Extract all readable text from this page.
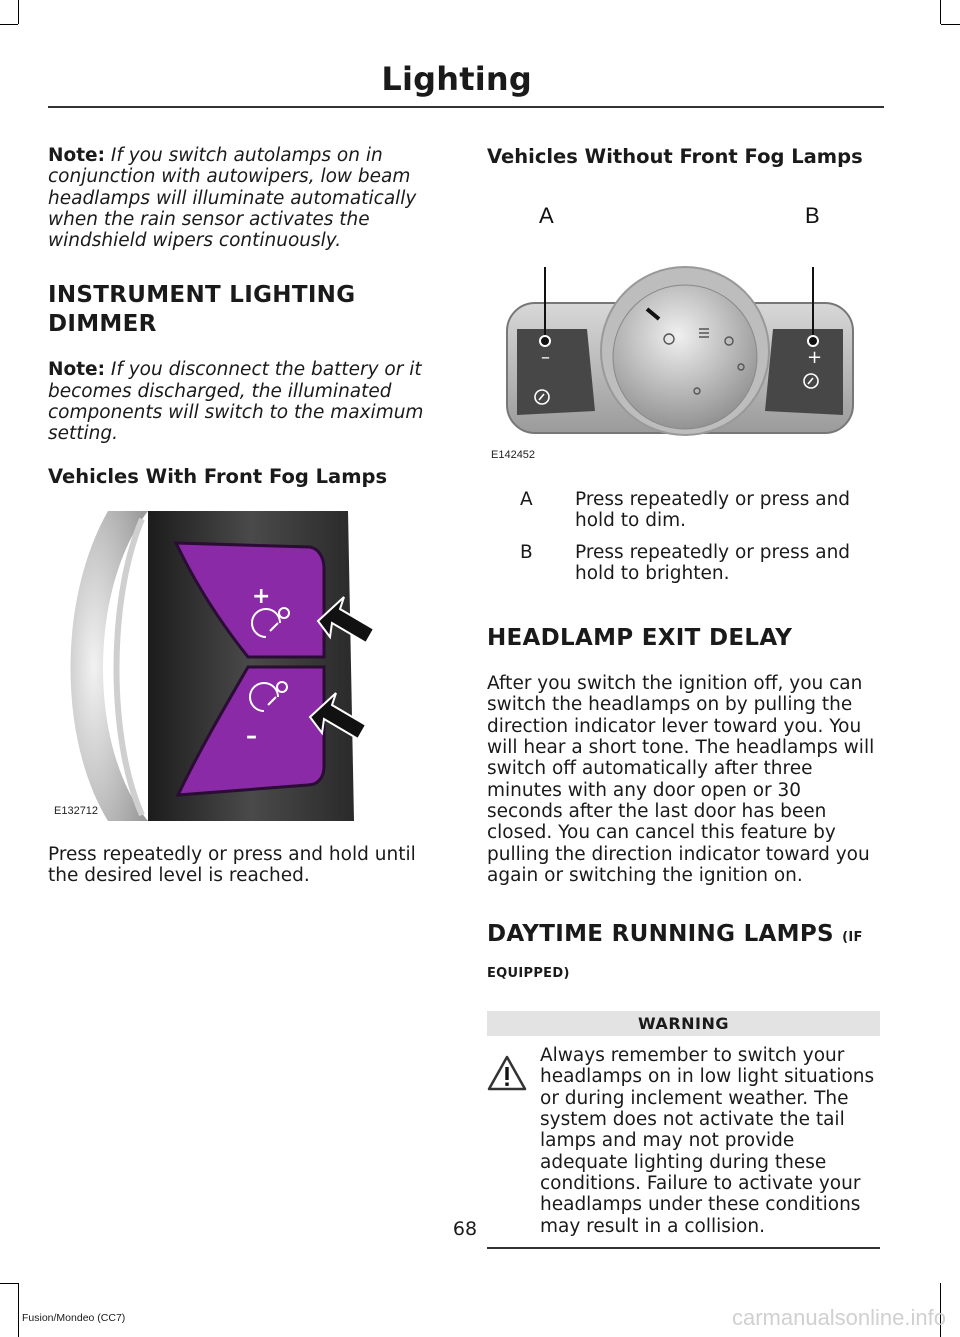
Lighting

Note: If you switch autolamps on in conjunction with autowipers, low beam headlamps will illuminate automatically when the rain sensor activates the windshield wipers continuously.

INSTRUMENT LIGHTING
DIMMER

Note: If you disconnect the battery or it becomes discharged, the illuminated components will switch to the maximum setting.

Vehicles With Front Fog Lamps
+
–
E132712

Press repeatedly or press and hold until the desired level is reached.

Vehicles Without Front Fog Lamps
A	B
–	+
E142452
A	Press repeatedly or press and hold to dim.
B	Press repeatedly or press and hold to brighten.
HEADLAMP EXIT DELAY

After you switch the ignition off, you can switch the headlamps on by pulling the direction indicator lever toward you. You will hear a short tone. The headlamps will switch off automatically after three minutes with any door open or 30 seconds after the last door has been closed. You can cancel this feature by pulling the direction indicator toward you again or switching the ignition on.

DAYTIME RUNNING LAMPS (IF
EQUIPPED)
WARNING
Always remember to switch your headlamps on in low light situations or during inclement weather. The system does not activate the tail lamps and may not provide adequate lighting during these conditions. Failure to activate your headlamps under these conditions may result in a collision.
68
Fusion/Mondeo (CC7)	carmanualsonline.info
